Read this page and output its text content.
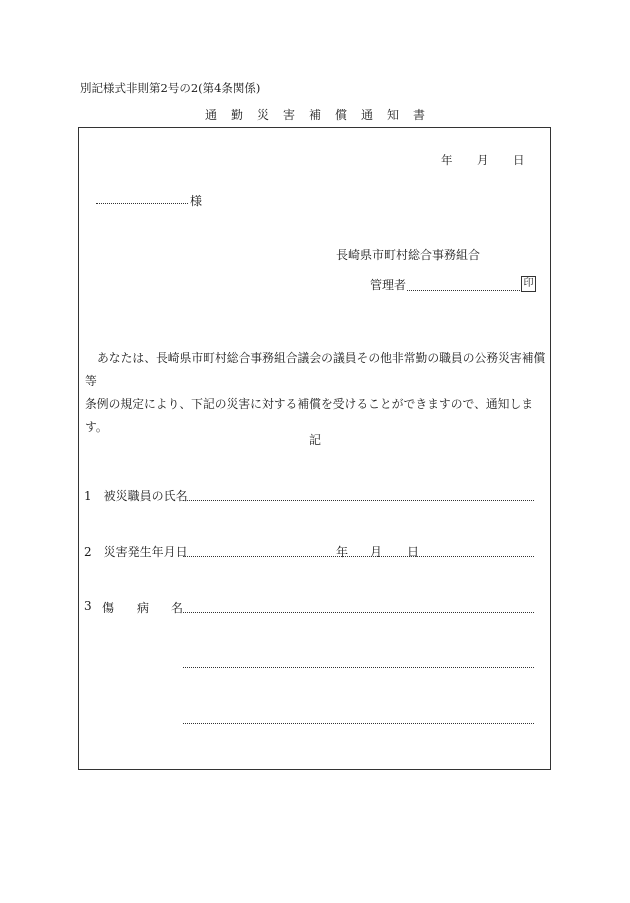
別記様式非則第2号の2(第4条関係)
通勤災害補償通知書
年 月 日
様
長崎県市町村総合事務組合
管理者	印
あなたは、長崎県市町村総合事務組合議会の議員その他非常勤の職員の公務災害補償等
条例の規定により、下記の災害に対する補償を受けることができますので、通知します。
記
1　被災職員の氏名
2　災害発生年月日	年 月 日
3 傷 病 名
